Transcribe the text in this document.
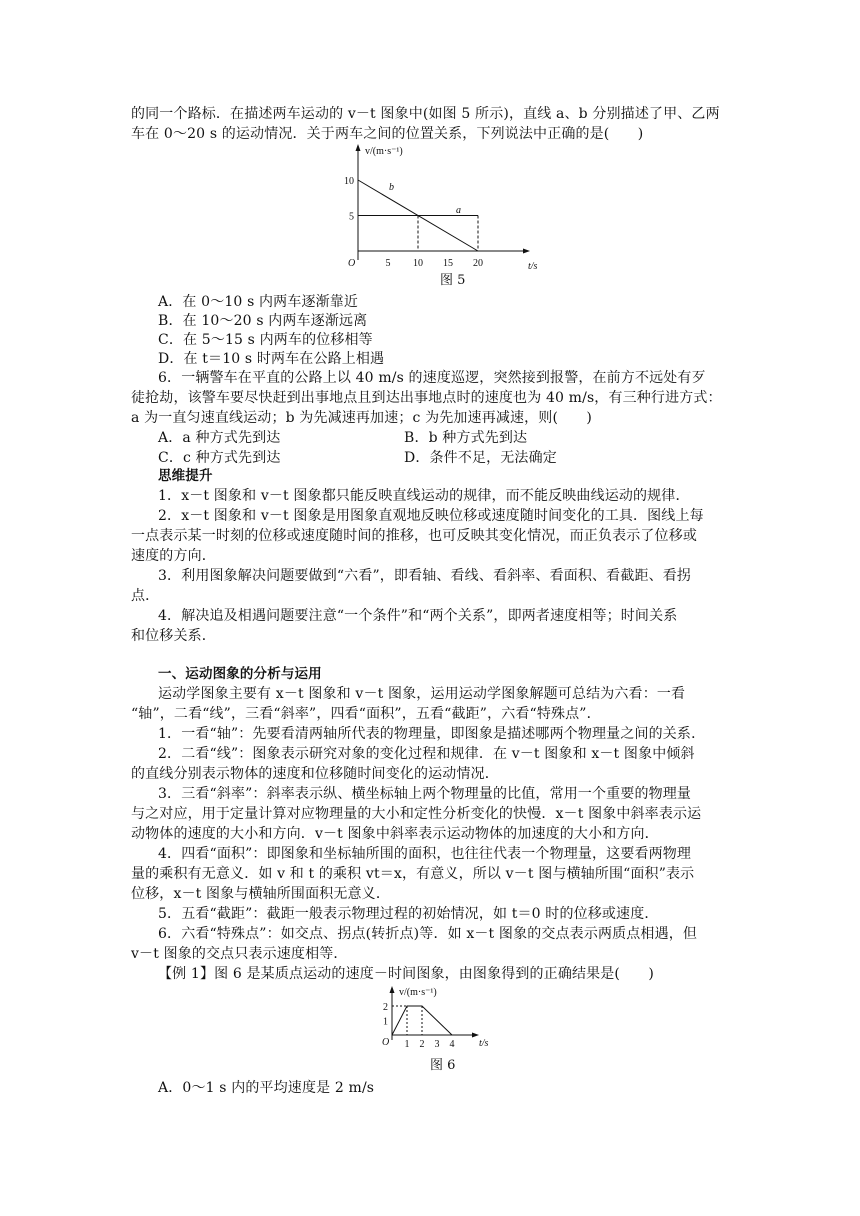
的同一个路标．在描述两车运动的 v－t 图象中(如图 5 所示)，直线 a、b 分别描述了甲、乙两
车在 0～20 s 的运动情况．关于两车之间的位置关系，下列说法中正确的是(　　)
5 10 15 20
10
5
v/(m·s⁻¹)
t/s
O
b
a
图 5
A．在 0～10 s 内两车逐渐靠近
B．在 10～20 s 内两车逐渐远离
C．在 5～15 s 内两车的位移相等
D．在 t＝10 s 时两车在公路上相遇
6．一辆警车在平直的公路上以 40 m/s 的速度巡逻，突然接到报警，在前方不远处有歹
徒抢劫，该警车要尽快赶到出事地点且到达出事地点时的速度也为 40 m/s，有三种行进方式：
a 为一直匀速直线运动；b 为先减速再加速；c 为先加速再减速，则(　　)
A．a 种方式先到达	B．b 种方式先到达
C．c 种方式先到达	D．条件不足，无法确定
思维提升
1．x－t 图象和 v－t 图象都只能反映直线运动的规律，而不能反映曲线运动的规律．
2．x－t 图象和 v－t 图象是用图象直观地反映位移或速度随时间变化的工具．图线上每
一点表示某一时刻的位移或速度随时间的推移，也可反映其变化情况，而正负表示了位移或
速度的方向．
3．利用图象解决问题要做到“六看”，即看轴、看线、看斜率、看面积、看截距、看拐
点．
4．解决追及相遇问题要注意“一个条件”和“两个关系”，即两者速度相等；时间关系
和位移关系．
一、运动图象的分析与运用
运动学图象主要有 x－t 图象和 v－t 图象，运用运动学图象解题可总结为六看：一看
“轴”，二看“线”，三看“斜率”，四看“面积”，五看“截距”，六看“特殊点”．
1．一看“轴”：先要看清两轴所代表的物理量，即图象是描述哪两个物理量之间的关系．
2．二看“线”：图象表示研究对象的变化过程和规律．在 v－t 图象和 x－t 图象中倾斜
的直线分别表示物体的速度和位移随时间变化的运动情况．
3．三看“斜率”：斜率表示纵、横坐标轴上两个物理量的比值，常用一个重要的物理量
与之对应，用于定量计算对应物理量的大小和定性分析变化的快慢．x－t 图象中斜率表示运
动物体的速度的大小和方向．v－t 图象中斜率表示运动物体的加速度的大小和方向．
4．四看“面积”：即图象和坐标轴所围的面积，也往往代表一个物理量，这要看两物理
量的乘积有无意义．如 v 和 t 的乘积 vt＝x，有意义，所以 v－t 图与横轴所围“面积”表示
位移，x－t 图象与横轴所围面积无意义．
5．五看“截距”：截距一般表示物理过程的初始情况，如 t＝0 时的位移或速度．
6．六看“特殊点”：如交点、拐点(转折点)等．如 x－t 图象的交点表示两质点相遇，但
v－t 图象的交点只表示速度相等．
【例 1】图 6 是某质点运动的速度－时间图象，由图象得到的正确结果是(　　)
1 2 3 4
2
1
v/(m·s⁻¹)
t/s
O
图 6
A．0～1 s 内的平均速度是 2 m/s
